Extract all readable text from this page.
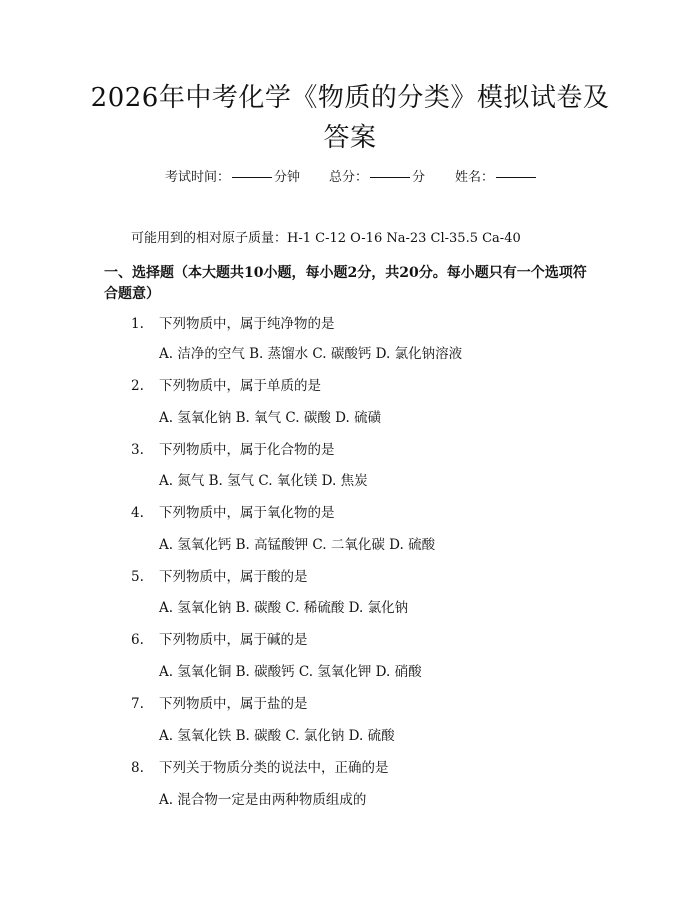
2026年中考化学《物质的分类》模拟试卷及答案
考试时间：	分钟 总分：	分 姓名：
可能用到的相对原子质量：H-1 C-12 O-16 Na-23 Cl-35.5 Ca-40
一、选择题（本大题共10小题，每小题2分，共20分。每小题只有一个选项符合题意）
1. 下列物质中，属于纯净物的是
A. 洁净的空气 B. 蒸馏水 C. 碳酸钙 D. 氯化钠溶液
2. 下列物质中，属于单质的是
A. 氢氧化钠 B. 氧气 C. 碳酸 D. 硫磺
3. 下列物质中，属于化合物的是
A. 氮气 B. 氢气 C. 氧化镁 D. 焦炭
4. 下列物质中，属于氧化物的是
A. 氢氧化钙 B. 高锰酸钾 C. 二氧化碳 D. 硫酸
5. 下列物质中，属于酸的是
A. 氢氧化钠 B. 碳酸 C. 稀硫酸 D. 氯化钠
6. 下列物质中，属于碱的是
A. 氢氧化铜 B. 碳酸钙 C. 氢氧化钾 D. 硝酸
7. 下列物质中，属于盐的是
A. 氢氧化铁 B. 碳酸 C. 氯化钠 D. 硫酸
8. 下列关于物质分类的说法中，正确的是
A. 混合物一定是由两种物质组成的
